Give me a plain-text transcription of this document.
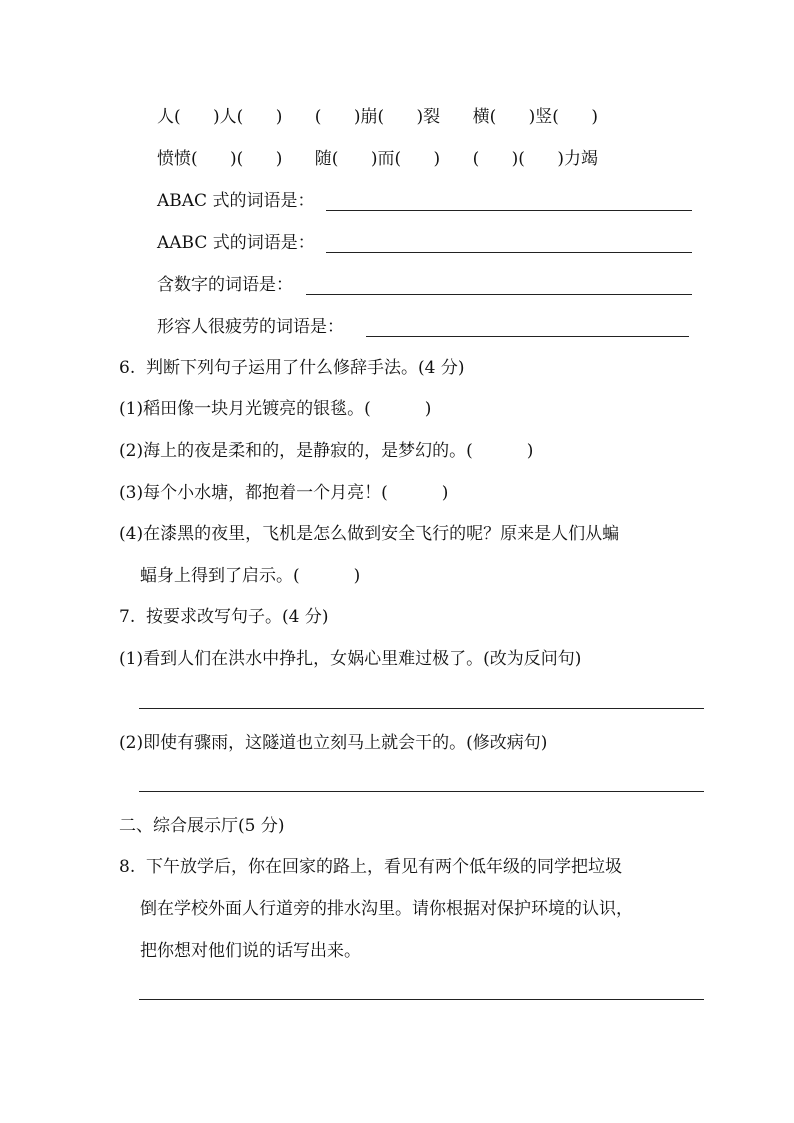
人(      )人(      )      (      )崩(      )裂      横(      )竖(      )
愤愤(      )(      )      随(      )而(      )      (      )(      )力竭
ABAC 式的词语是：
AABC 式的词语是：
含数字的词语是：
形容人很疲劳的词语是：
6.  判断下列句子运用了什么修辞手法。(4 分)
(1)稻田像一块月光镀亮的银毯。(          )
(2)海上的夜是柔和的，是静寂的，是梦幻的。(          )
(3)每个小水塘，都抱着一个月亮！(          )
(4)在漆黑的夜里，飞机是怎么做到安全飞行的呢？原来是人们从蝙
蝠身上得到了启示。(          )
7.  按要求改写句子。(4 分)
(1)看到人们在洪水中挣扎，女娲心里难过极了。(改为反问句)
(2)即使有骤雨，这隧道也立刻马上就会干的。(修改病句)
二、综合展示厅(5 分)
8.  下午放学后，你在回家的路上，看见有两个低年级的同学把垃圾
倒在学校外面人行道旁的排水沟里。请你根据对保护环境的认识，
把你想对他们说的话写出来。
